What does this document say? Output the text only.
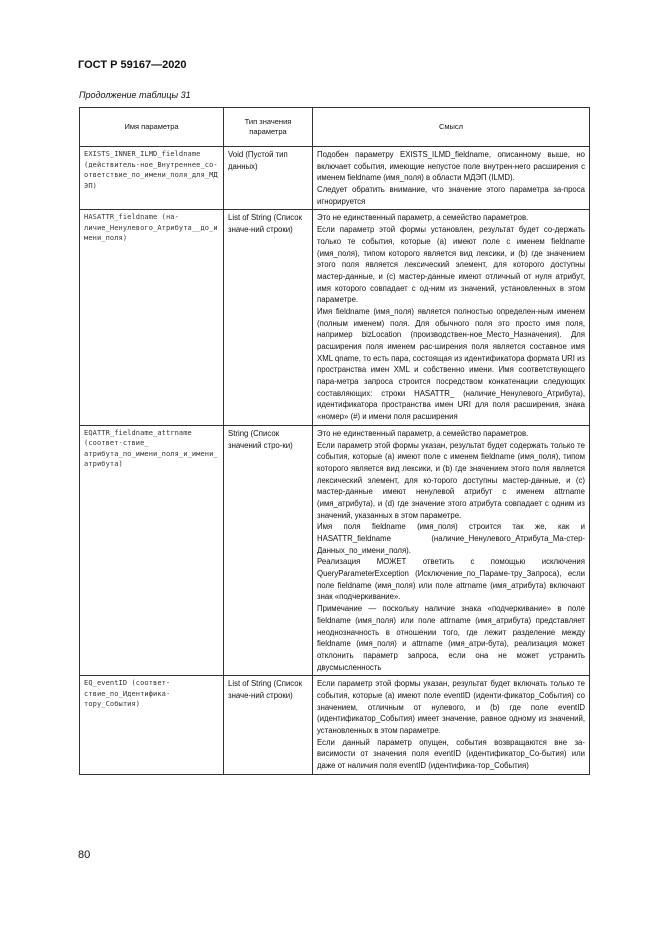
ГОСТ Р 59167—2020
Продолжение таблицы 31
Имя параметра	Тип значения параметра	Смысл
EXISTS_INNER_ILMD_fieldname (действитель-ное_Внутреннее_со-ответствие_по_имени_поля_для_МДЭП)	Void (Пустой тип данных)	Подобен параметру EXISTS_ILMD_fieldname, описанному выше, но включает события, имеющие непустое поле внутрен-него расширения с именем fieldname (имя_поля) в области МДЭП (ILMD).

Следует обратить внимание, что значение этого параметра за-проса игнорируется

HASATTR_fieldname (на-личие_Ненулевого_Атрибута__до_имени_поля)	List of String (Список значе-ний строки)	Это не единственный параметр, а семейство параметров.

Если параметр этой формы установлен, результат будет со-держать только те события, которые (a) имеют поле с именем fieldname (имя_поля), типом которого является вид лексики, и (b) где значением этого поля является лексический элемент, для которого доступны мастер-данные, и (c) мастер-данные имеют отличный от нуля атрибут, имя которого совпадает с од-ним из значений, установленных в этом параметре.

Имя fieldname (имя_поля) является полностью определен-ным именем (полным именем) поля. Для обычного поля это просто имя поля, например bizLocation (производствен-ное_Место_Назначения). Для расширения поля именем рас-ширения поля является составное имя XML qname, то есть пара, состоящая из идентификатора формата URI из пространства имен XML и собственно имени. Имя соответствующего пара-метра запроса строится посредством конкатенации следующих составляющих: строки HASATTR_ (наличие_Ненулевого_Атрибута), идентификатора пространства имен URI для поля расширения, знака «номер» (#) и имени поля расширения

EQATTR_fieldname_attrname (соответ-ствие_ атрибута_по_имени_поля_и_имени_атрибута)	String (Список значений стро-ки)	Это не единственный параметр, а семейство параметров.

Если параметр этой формы указан, результат будет содержать только те события, которые (a) имеют поле с именем fieldname (имя_поля), типом которого является вид лексики, и (b) где значением этого поля является лексический элемент, для ко-торого доступны мастер-данные, и (c) мастер-данные имеют ненулевой атрибут с именем attrname (имя_атрибута), и (d) где значение этого атрибута совпадает с одним из значений, указанных в этом параметре.

Имя поля fieldname (имя_поля) строится так же, как и HASATTR_fieldname (наличие_Ненулевого_Атрибута_Ма-стер-Данных_по_имени_поля).

Реализация МОЖЕТ ответить с помощью исключения QueryParameterException (Исключение_по_Параме-тру_Запроса), если поле fieldname (имя_поля) или поле attrname (имя_атрибута) включают знак «подчеркивание».

Примечание — поскольку наличие знака «подчеркивание» в поле fieldname (имя_поля) или поле attrname (имя_атрибута) представляет неоднозначность в отношении того, где лежит разделение между fieldname (имя_поля) и attrname (имя_атри-бута), реализация может отклонить параметр запроса, если она не может устранить двусмысленность

EQ_eventID (соответ-ствие_по_Идентифика-тору_События)	List of String (Список значе-ний строки)	Если параметр этой формы указан, результат будет включать только те события, которые (a) имеют поле eventID (иденти-фикатор_События) со значением, отличным от нулевого, и (b) где поле eventID (идентификатор_События) имеет значение, равное одному из значений, установленных в этом параметре.

Если данный параметр опущен, события возвращаются вне за-висимости от значения поля eventID (идентификатор_Со-бытия) или даже от наличия поля eventID (идентифика-тор_События)

80
